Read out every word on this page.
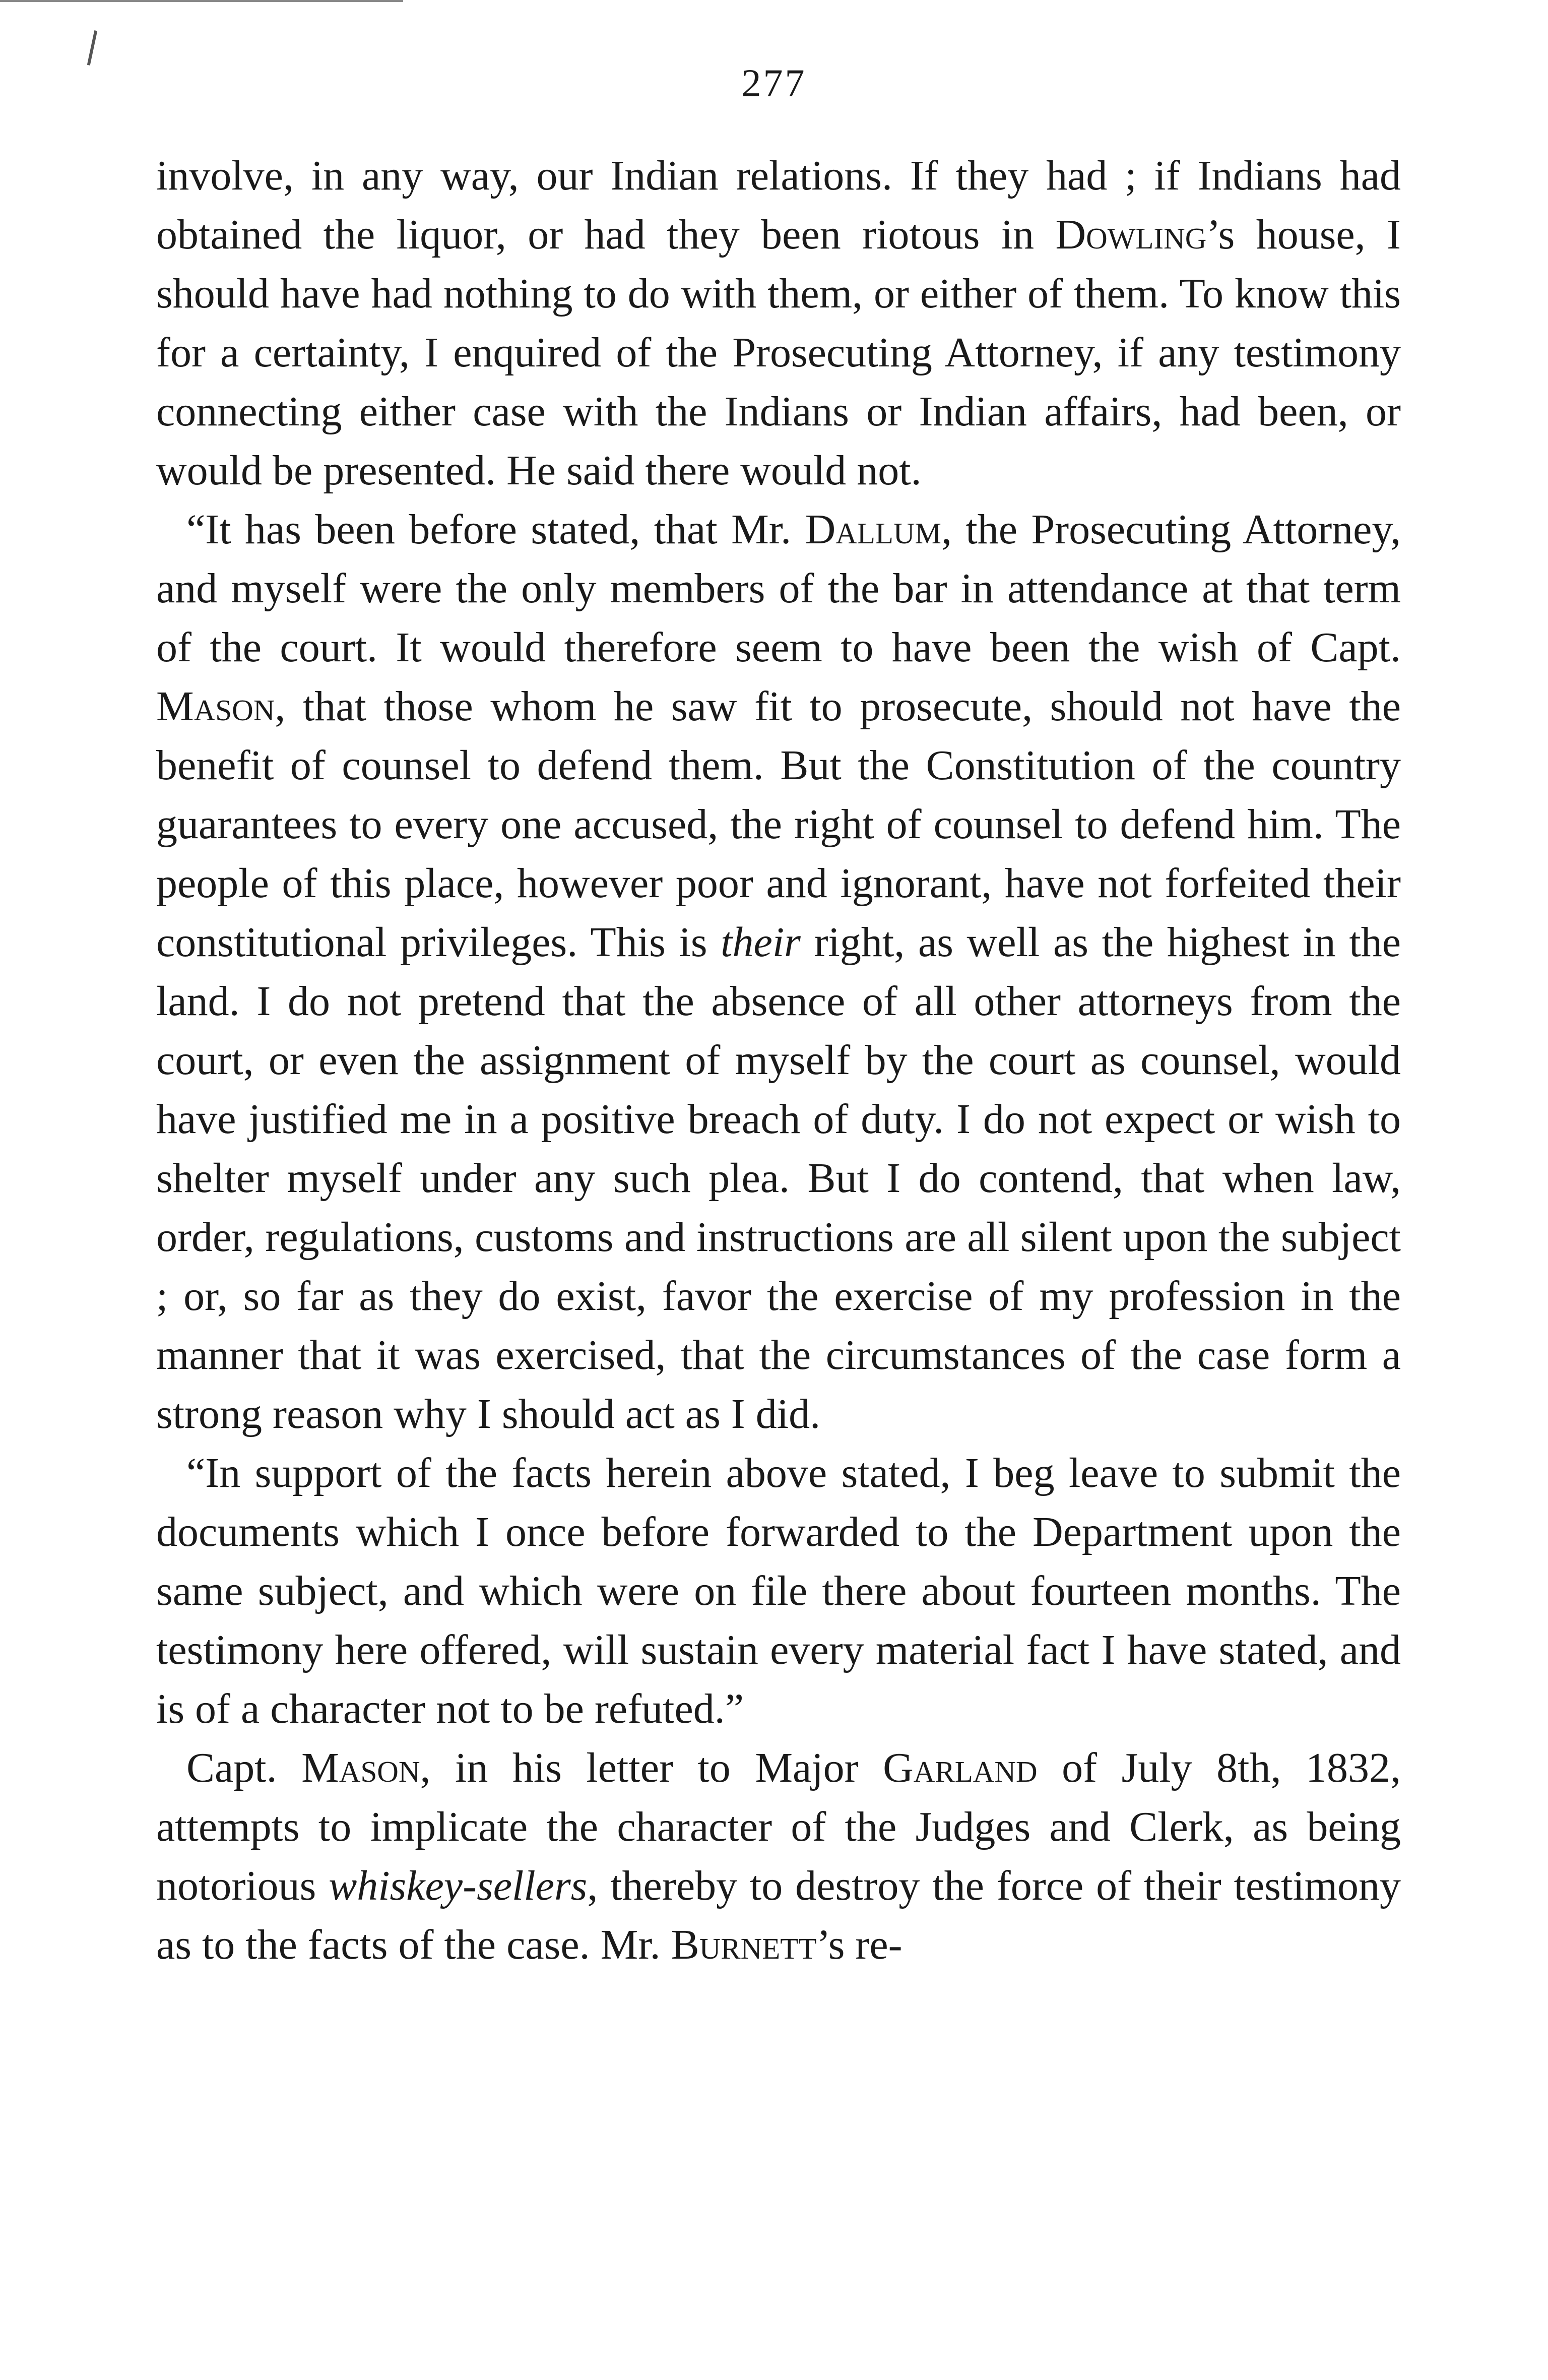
277

involve, in any way, our Indian relations. If they had ; if Indians had obtained the liquor, or had they been riotous in Dowling’s house, I should have had nothing to do with them, or either of them. To know this for a certainty, I enquired of the Prosecuting Attorney, if any testimony connecting either case with the Indians or Indian affairs, had been, or would be presented. He said there would not.

“It has been before stated, that Mr. Dallum, the Prosecuting Attorney, and myself were the only members of the bar in attendance at that term of the court. It would therefore seem to have been the wish of Capt. Mason, that those whom he saw fit to prosecute, should not have the benefit of counsel to defend them. But the Constitution of the country guarantees to every one accused, the right of counsel to defend him. The people of this place, however poor and ignorant, have not forfeited their constitutional privileges. This is their right, as well as the highest in the land. I do not pretend that the absence of all other attorneys from the court, or even the assignment of myself by the court as counsel, would have justified me in a positive breach of duty. I do not expect or wish to shelter myself under any such plea. But I do contend, that when law, order, regulations, customs and instructions are all silent upon the subject ; or, so far as they do exist, favor the exercise of my profession in the manner that it was exercised, that the circumstances of the case form a strong reason why I should act as I did.

“In support of the facts herein above stated, I beg leave to submit the documents which I once before forwarded to the Department upon the same subject, and which were on file there about fourteen months. The testimony here offered, will sustain every material fact I have stated, and is of a character not to be refuted.”

Capt. Mason, in his letter to Major Garland of July 8th, 1832, attempts to implicate the character of the Judges and Clerk, as being notorious whiskey-sellers, thereby to destroy the force of their testimony as to the facts of the case. Mr. Burnett’s re-
